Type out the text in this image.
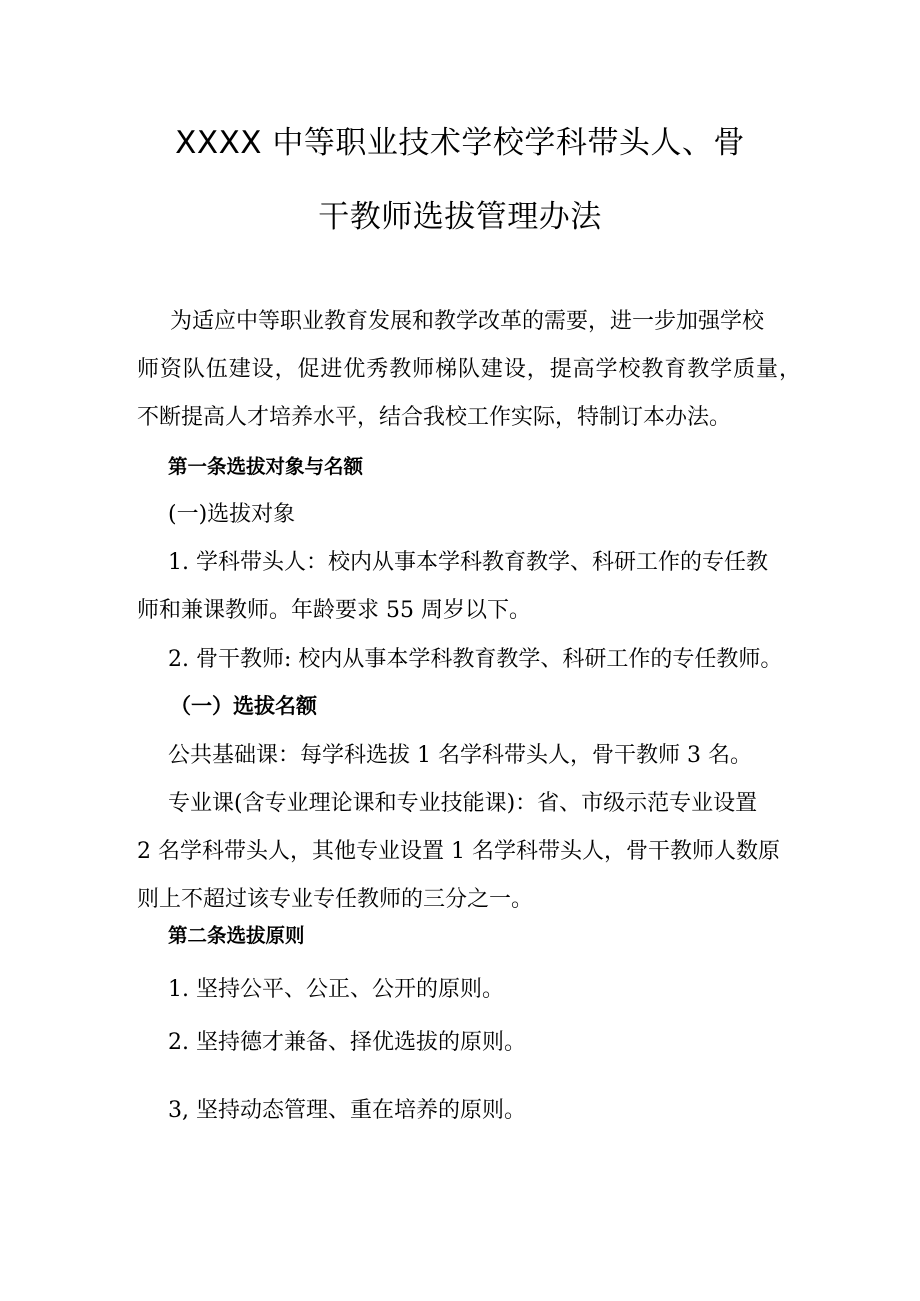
XXXX 中等职业技术学校学科带头人、骨
干教师选拔管理办法
为适应中等职业教育发展和教学改革的需要，进一步加强学校
师资队伍建设，促进优秀教师梯队建设，提高学校教育教学质量，
不断提高人才培养水平，结合我校工作实际，特制订本办法。
第一条选拔对象与名额
(一)选拔对象
1. 学科带头人：校内从事本学科教育教学、科研工作的专任教
师和兼课教师。年龄要求 55 周岁以下。
2. 骨干教师: 校内从事本学科教育教学、科研工作的专任教师。
（一）选拔名额
公共基础课：每学科选拔 1 名学科带头人，骨干教师 3 名。
专业课(含专业理论课和专业技能课)：省、市级示范专业设置
2 名学科带头人，其他专业设置 1 名学科带头人，骨干教师人数原
则上不超过该专业专任教师的三分之一。
第二条选拔原则
1. 坚持公平、公正、公开的原则。
2. 坚持德才兼备、择优选拔的原则。
3, 坚持动态管理、重在培养的原则。
